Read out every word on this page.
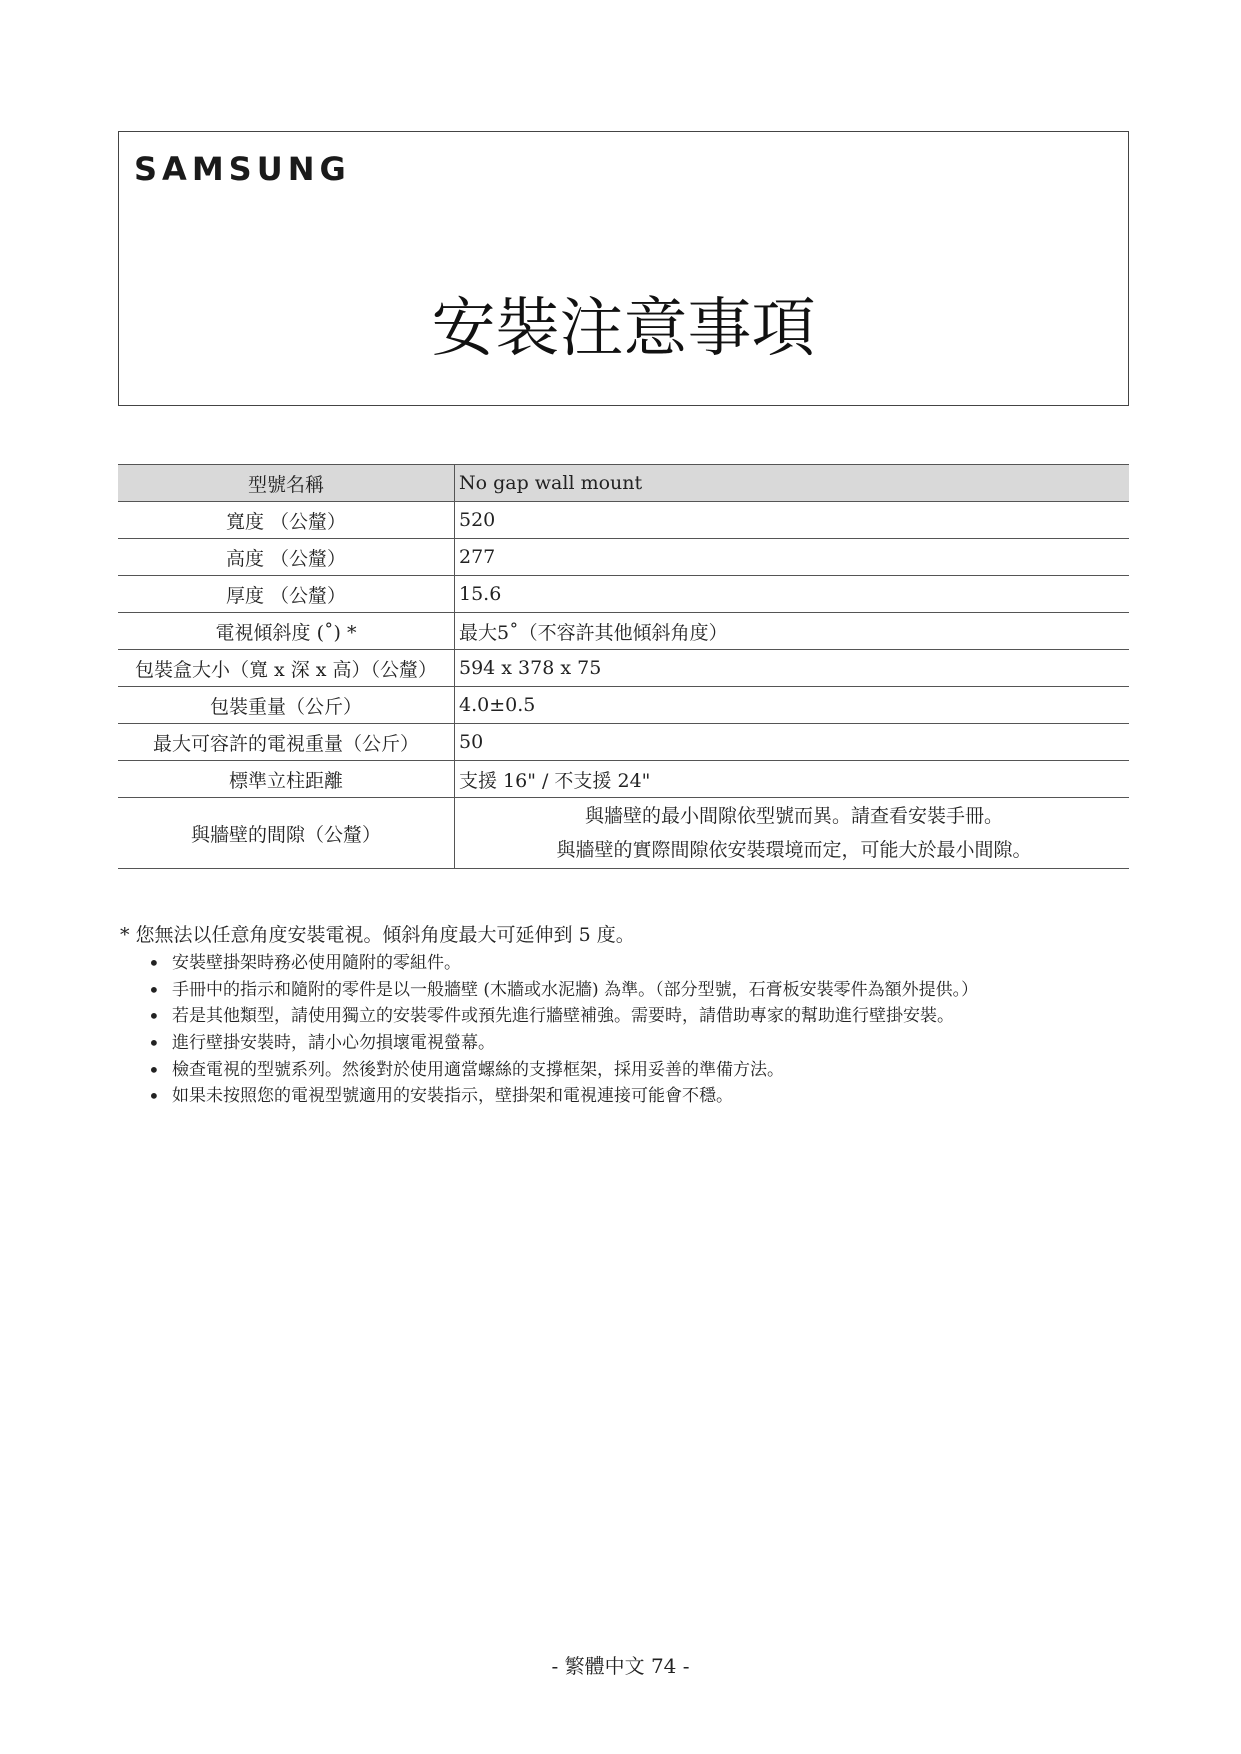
SAMSUNG
安裝注意事項
型號名稱	No gap wall mount
寬度 （公釐）	520
高度 （公釐）	277
厚度 （公釐）	15.6
電視傾斜度 (˚) *	最大5˚（不容許其他傾斜角度）
包裝盒大小（寬 x 深 x 高）（公釐）	594 x 378 x 75
包裝重量（公斤）	4.0±0.5
最大可容許的電視重量（公斤）	50
標準立柱距離	支援 16" / 不支援 24"
與牆壁的間隙（公釐）	與牆壁的最小間隙依型號而異。請查看安裝手冊。
與牆壁的實際間隙依安裝環境而定，可能大於最小間隙。
* 您無法以任意角度安裝電視。傾斜角度最大可延伸到 5 度。
• 安裝壁掛架時務必使用隨附的零組件。
• 手冊中的指示和隨附的零件是以一般牆壁 (木牆或水泥牆) 為準。（部分型號，石膏板安裝零件為額外提供。）
• 若是其他類型，請使用獨立的安裝零件或預先進行牆壁補強。需要時，請借助專家的幫助進行壁掛安裝。
• 進行壁掛安裝時，請小心勿損壞電視螢幕。
• 檢查電視的型號系列。然後對於使用適當螺絲的支撐框架，採用妥善的準備方法。
• 如果未按照您的電視型號適用的安裝指示，壁掛架和電視連接可能會不穩。
- 繁體中文 74 -
